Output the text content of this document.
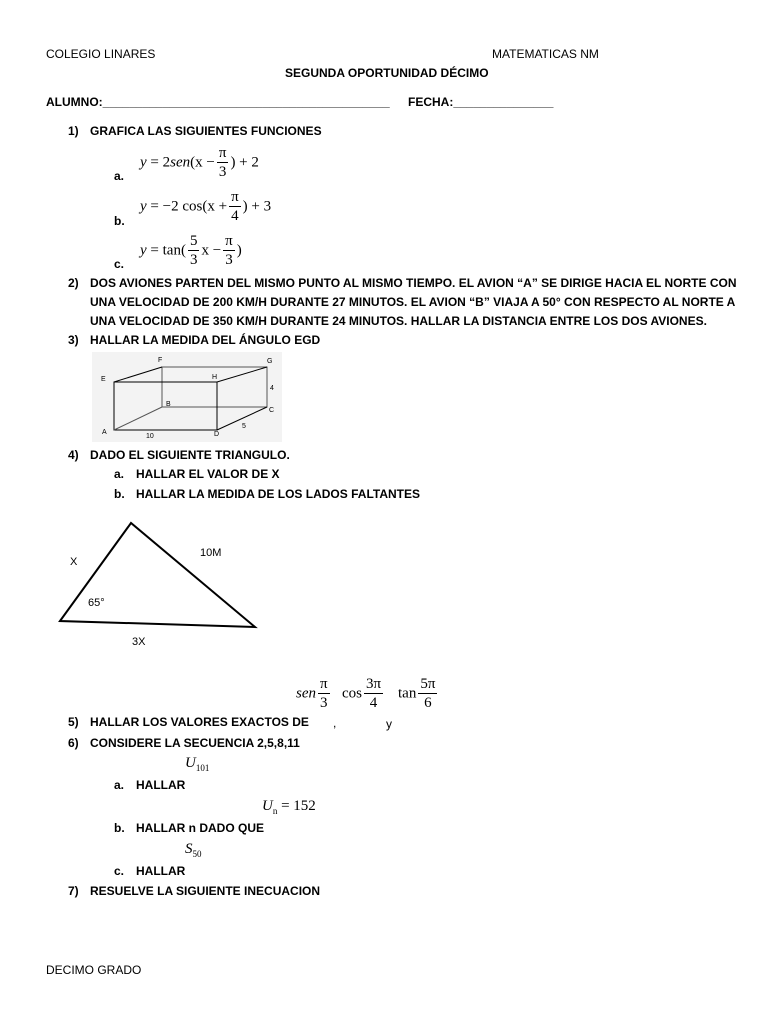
COLEGIO LINARES	MATEMATICAS NM
SEGUNDA OPORTUNIDAD DÉCIMO
ALUMNO:___________________________________________ FECHA:_______________
1) GRAFICA LAS SIGUIENTES FUNCIONES
a.
$y = 2sen(x - \frac{\pi}{3}$ ) + 2
b.
y = −2 $\cos(x + \frac{\pi}{4}$ ) + 3
c.
$y = \tan( \frac{5}{3}$ $x - \frac{\pi}{3}$ )
2) DOS AVIONES PARTEN DEL MISMO PUNTO AL MISMO TIEMPO. EL AVION “A” SE DIRIGE HACIA EL NORTE CON
UNA VELOCIDAD DE 200 KM/H DURANTE 27 MINUTOS. EL AVION “B” VIAJA A 50° CON RESPECTO AL NORTE A
UNA VELOCIDAD DE 350 KM/H DURANTE 24 MINUTOS. HALLAR LA DISTANCIA ENTRE LOS DOS AVIONES.
3) HALLAR LA MEDIDA DEL ÁNGULO EGD
E
F	G
H
B
C
A	D
10
5
4
4) DADO EL SIGUIENTE TRIANGULO.
a. HALLAR EL VALOR DE X
b. HALLAR LA MEDIDA DE LOS LADOS FALTANTES
X
10M
65°
3X
sen $\frac{\pi}{3}$ $\cos \frac{3\pi}{4}$ $\tan \frac{5\pi}{6}$
5) HALLAR LOS VALORES EXACTOS DE ,	y
6) CONSIDERE LA SECUENCIA 2,5,8,11
$U_{101}$
a. HALLAR
$U_n = 152$
b. HALLAR n DADO QUE
$S_{50}$
c. HALLAR
7) RESUELVE LA SIGUIENTE INECUACION
DECIMO GRADO
